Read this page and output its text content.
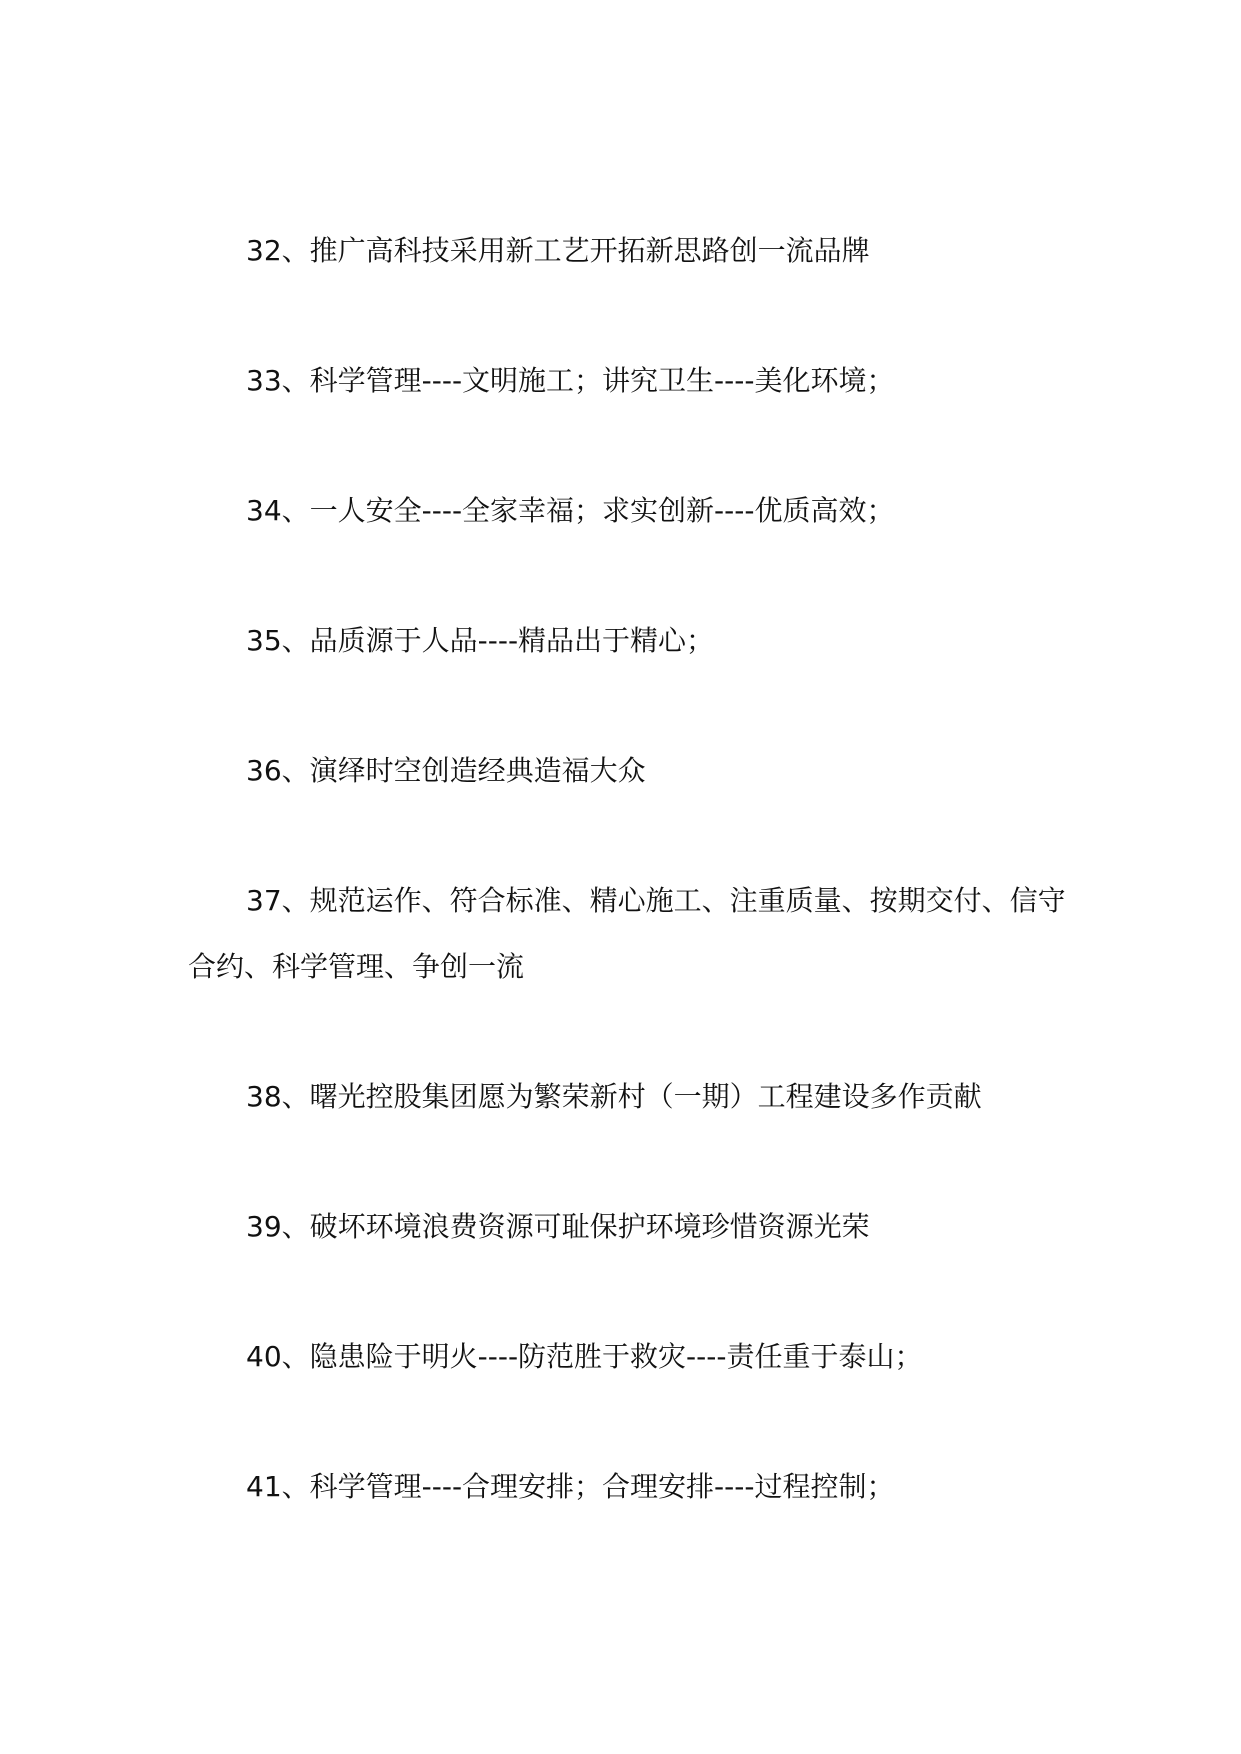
32、推广高科技采用新工艺开拓新思路创一流品牌

33、科学管理----文明施工；讲究卫生----美化环境；

34、一人安全----全家幸福；求实创新----优质高效；

35、品质源于人品----精品出于精心；

36、演绎时空创造经典造福大众

37、规范运作、符合标准、精心施工、注重质量、按期交付、信守合约、科学管理、争创一流

38、曙光控股集团愿为繁荣新村（一期）工程建设多作贡献

39、破坏环境浪费资源可耻保护环境珍惜资源光荣

40、隐患险于明火----防范胜于救灾----责任重于泰山；

41、科学管理----合理安排；合理安排----过程控制；
